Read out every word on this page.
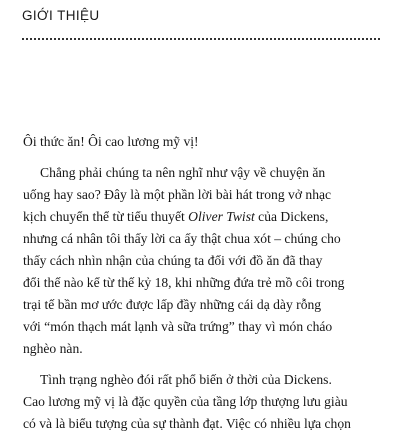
GIỚI THIỆU
Ôi thức ăn! Ôi cao lương mỹ vị!
Chẳng phải chúng ta nên nghĩ như vậy về chuyện ăn
uống hay sao? Đây là một phần lời bài hát trong vở nhạc
kịch chuyển thể từ tiểu thuyết Oliver Twist của Dickens,
nhưng cá nhân tôi thấy lời ca ấy thật chua xót – chúng cho
thấy cách nhìn nhận của chúng ta đối với đồ ăn đã thay
đổi thế nào kể từ thế kỷ 18, khi những đứa trẻ mồ côi trong
trại tế bần mơ ước được lấp đầy những cái dạ dày rỗng
với “món thạch mát lạnh và sữa trứng” thay vì món cháo
nghèo nàn.
Tình trạng nghèo đói rất phổ biến ở thời của Dickens.
Cao lương mỹ vị là đặc quyền của tầng lớp thượng lưu giàu
có và là biểu tượng của sự thành đạt. Việc có nhiều lựa chọn
